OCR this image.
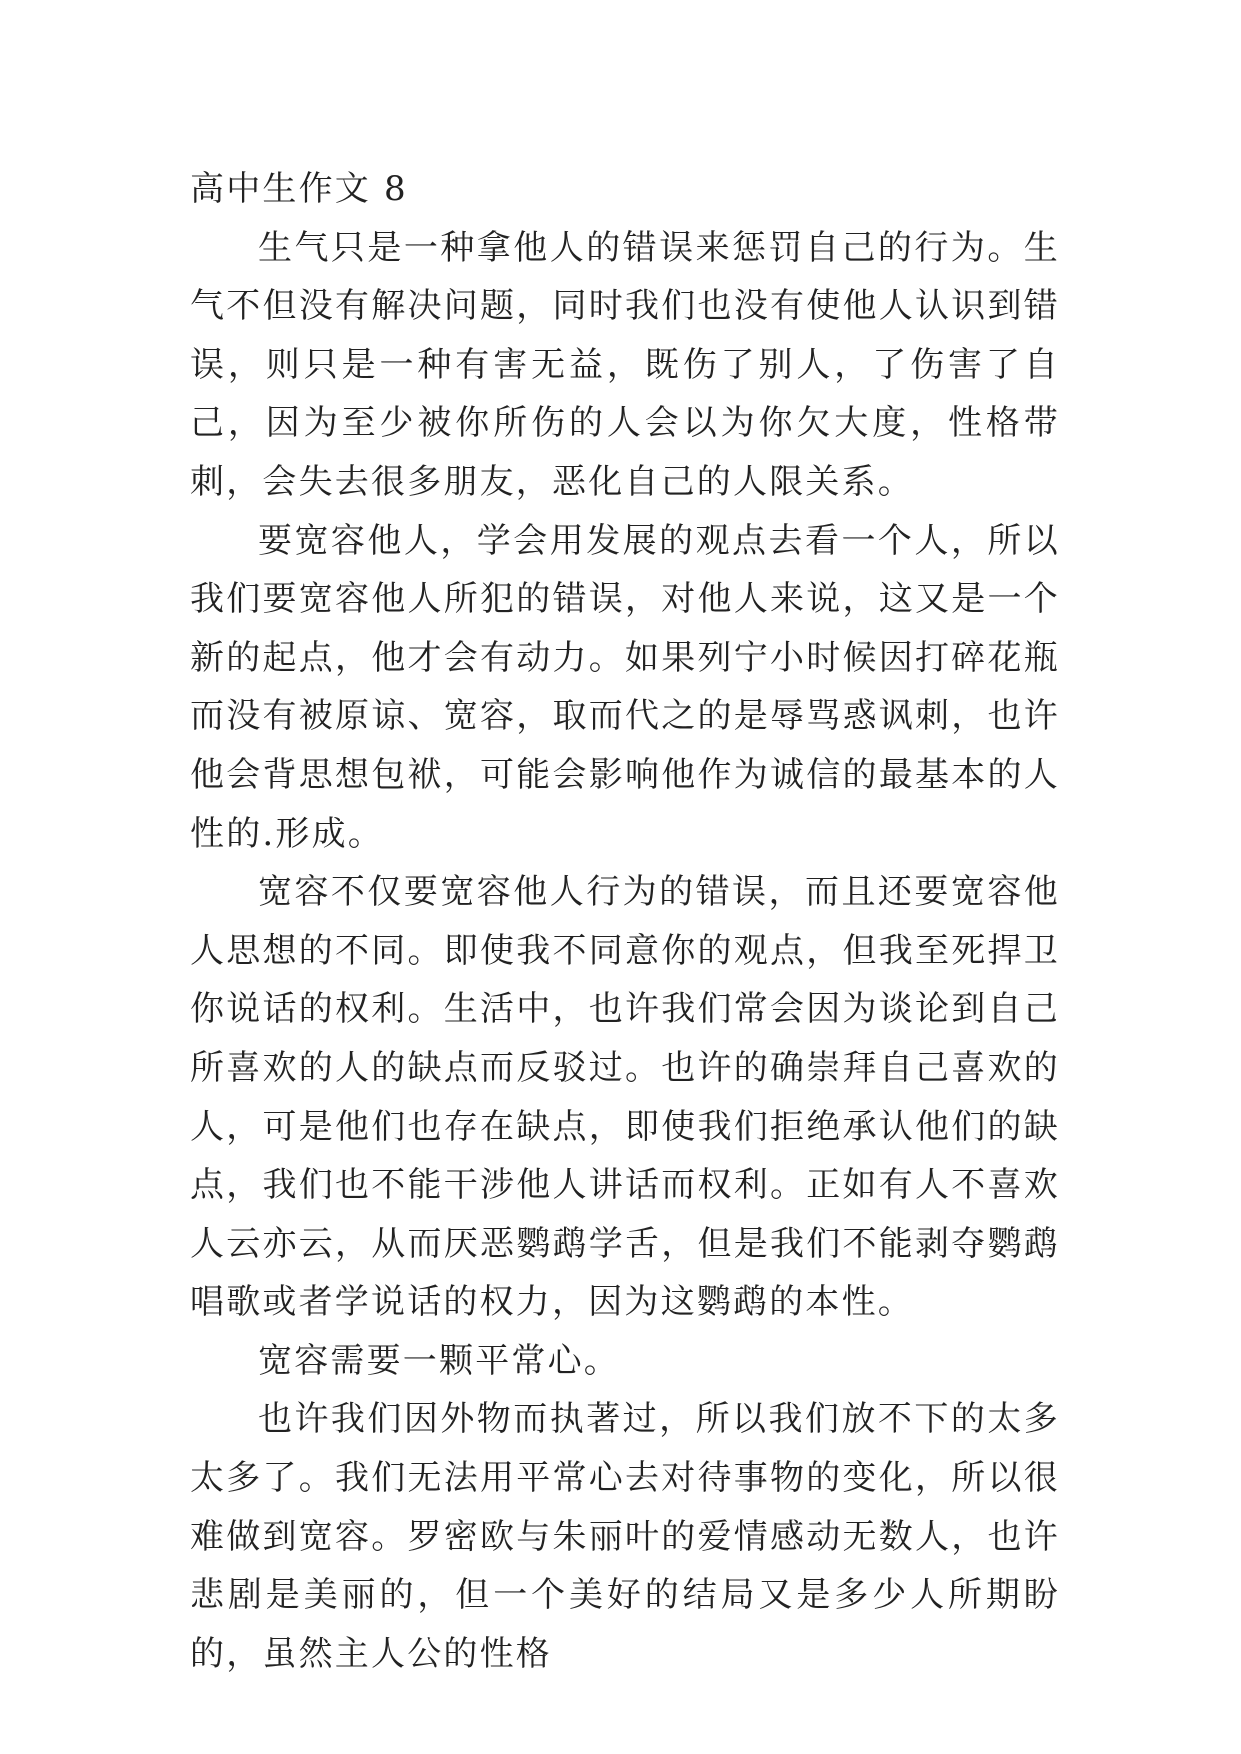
高中生作文 8

生气只是一种拿他人的错误来惩罚自己的行为。生气不但没有解决问题，同时我们也没有使他人认识到错误，则只是一种有害无益，既伤了别人，了伤害了自己，因为至少被你所伤的人会以为你欠大度，性格带刺，会失去很多朋友，恶化自己的人限关系。

要宽容他人，学会用发展的观点去看一个人，所以我们要宽容他人所犯的错误，对他人来说，这又是一个新的起点，他才会有动力。如果列宁小时候因打碎花瓶而没有被原谅、宽容，取而代之的是辱骂惑讽刺，也许他会背思想包袱，可能会影响他作为诚信的最基本的人性的.形成。

宽容不仅要宽容他人行为的错误，而且还要宽容他人思想的不同。即使我不同意你的观点，但我至死捍卫你说话的权利。生活中，也许我们常会因为谈论到自己所喜欢的人的缺点而反驳过。也许的确崇拜自己喜欢的人，可是他们也存在缺点，即使我们拒绝承认他们的缺点，我们也不能干涉他人讲话而权利。正如有人不喜欢人云亦云，从而厌恶鹦鹉学舌，但是我们不能剥夺鹦鹉唱歌或者学说话的权力，因为这鹦鹉的本性。

宽容需要一颗平常心。

也许我们因外物而执著过，所以我们放不下的太多太多了。我们无法用平常心去对待事物的变化，所以很难做到宽容。罗密欧与朱丽叶的爱情感动无数人，也许悲剧是美丽的，但一个美好的结局又是多少人所期盼的，虽然主人公的性格
